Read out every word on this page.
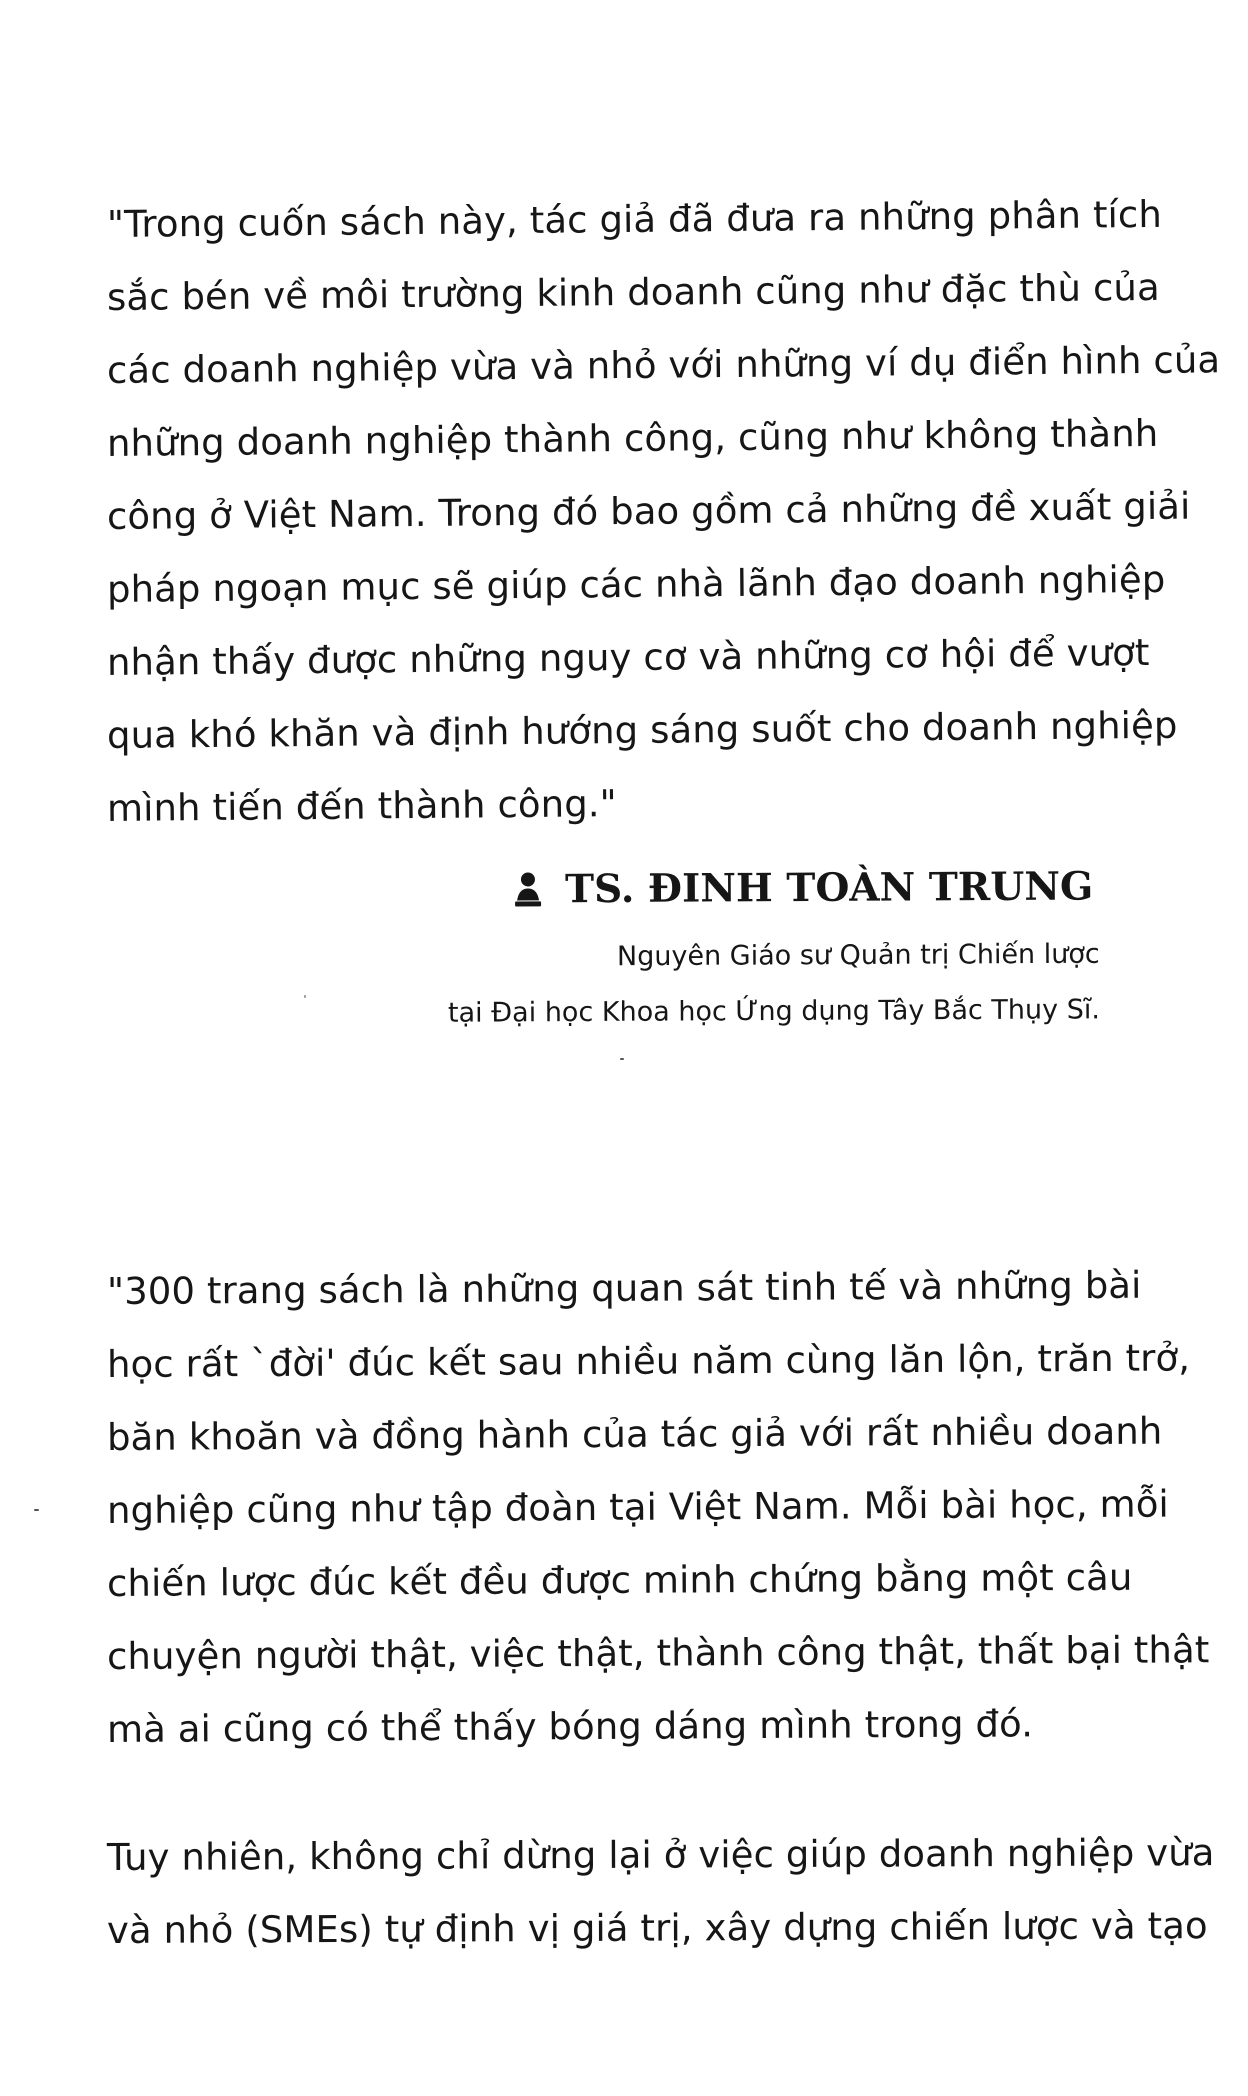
"Trong cuốn sách này, tác giả đã đưa ra những phân tích
sắc bén về môi trường kinh doanh cũng như đặc thù của
các doanh nghiệp vừa và nhỏ với những ví dụ điển hình của
những doanh nghiệp thành công, cũng như không thành
công ở Việt Nam. Trong đó bao gồm cả những đề xuất giải
pháp ngoạn mục sẽ giúp các nhà lãnh đạo doanh nghiệp
nhận thấy được những nguy cơ và những cơ hội để vượt
qua khó khăn và định hướng sáng suốt cho doanh nghiệp
mình tiến đến thành công."
TS. ĐINH TOÀN TRUNG
Nguyên Giáo sư Quản trị Chiến lược
tại Đại học Khoa học Ứng dụng Tây Bắc Thụy Sĩ.
"300 trang sách là những quan sát tinh tế và những bài
học rất `đời' đúc kết sau nhiều năm cùng lăn lộn, trăn trở,
băn khoăn và đồng hành của tác giả với rất nhiều doanh
nghiệp cũng như tập đoàn tại Việt Nam. Mỗi bài học, mỗi
chiến lược đúc kết đều được minh chứng bằng một câu
chuyện người thật, việc thật, thành công thật, thất bại thật
mà ai cũng có thể thấy bóng dáng mình trong đó.
Tuy nhiên, không chỉ dừng lại ở việc giúp doanh nghiệp vừa
và nhỏ (SMEs) tự định vị giá trị, xây dựng chiến lược và tạo
